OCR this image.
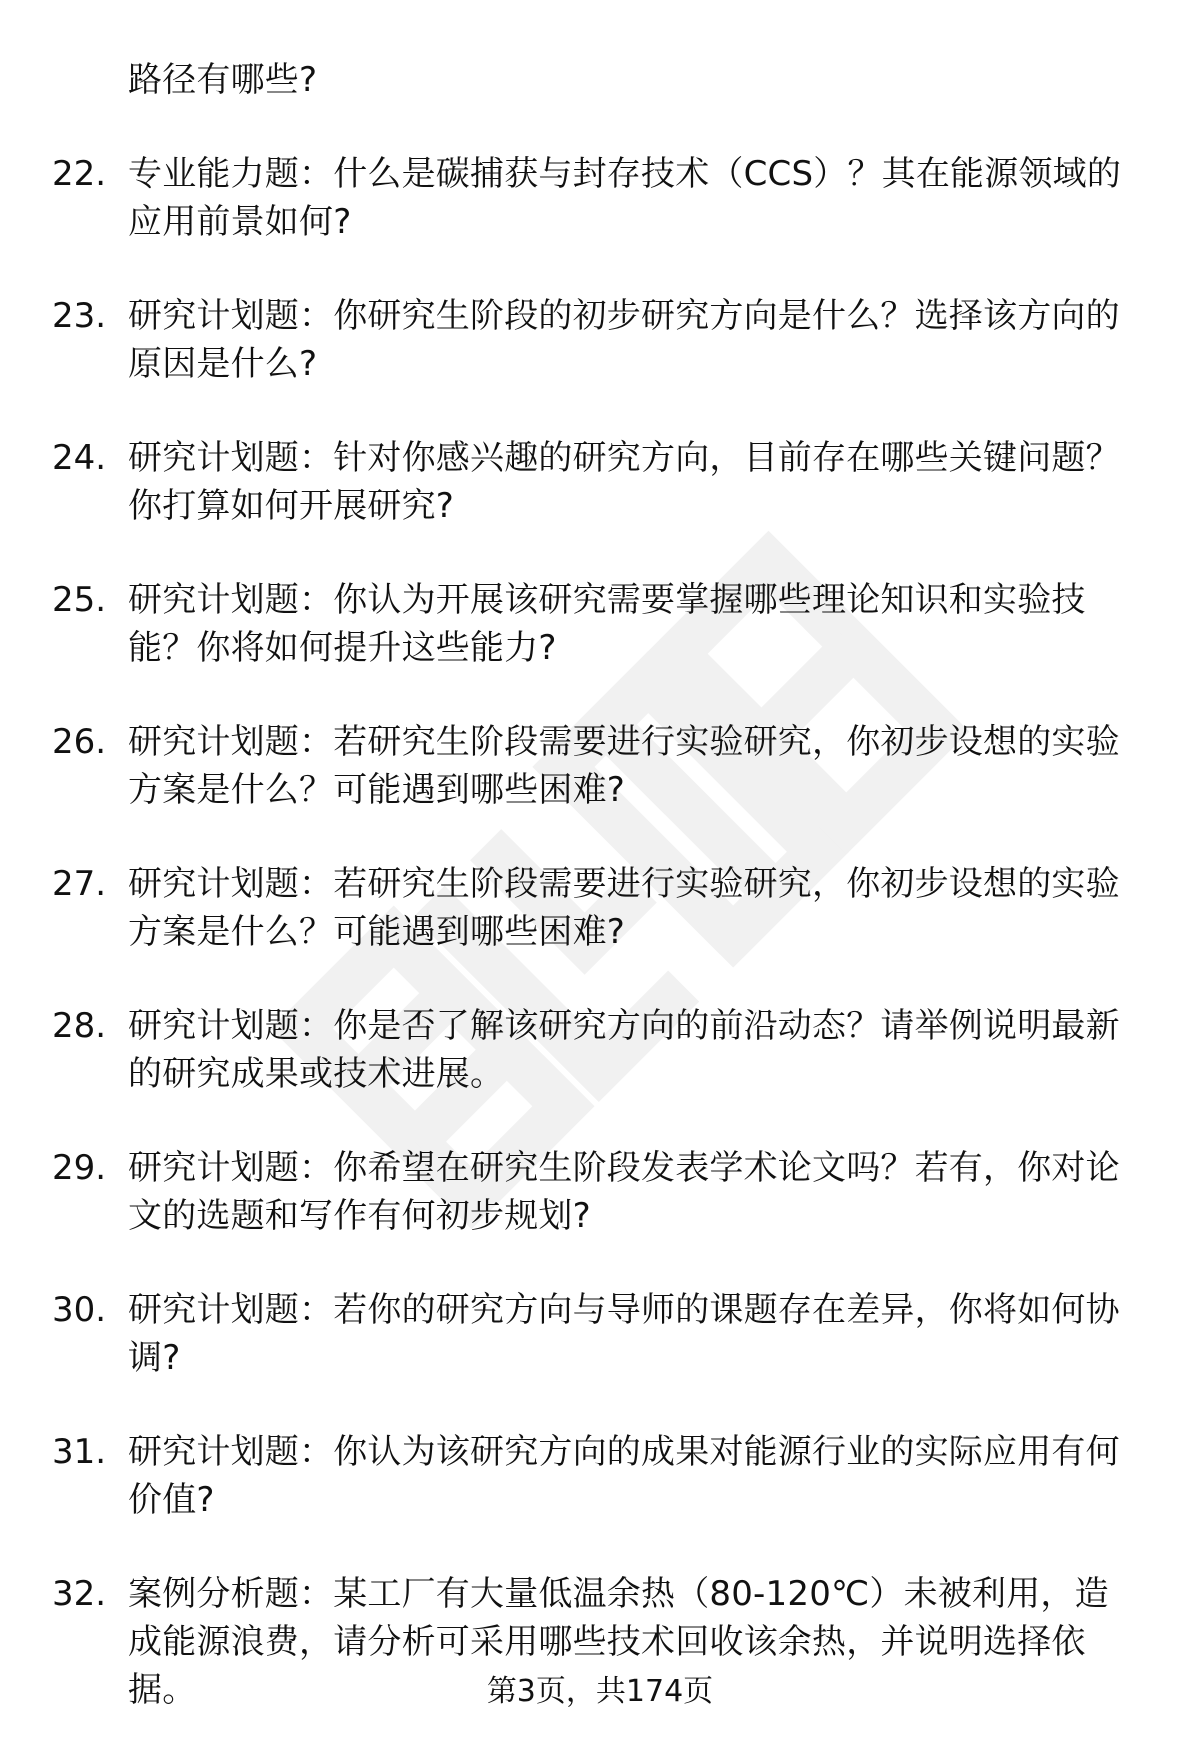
路径有哪些?
22. 专业能力题：什么是碳捕获与封存技术（CCS）？其在能源领域的应用前景如何?
23. 研究计划题：你研究生阶段的初步研究方向是什么？选择该方向的原因是什么?
24. 研究计划题：针对你感兴趣的研究方向，目前存在哪些关键问题？你打算如何开展研究?
25. 研究计划题：你认为开展该研究需要掌握哪些理论知识和实验技能？你将如何提升这些能力?
26. 研究计划题：若研究生阶段需要进行实验研究，你初步设想的实验方案是什么？可能遇到哪些困难?
27. 研究计划题：若研究生阶段需要进行实验研究，你初步设想的实验方案是什么？可能遇到哪些困难?
28. 研究计划题：你是否了解该研究方向的前沿动态？请举例说明最新的研究成果或技术进展。
29. 研究计划题：你希望在研究生阶段发表学术论文吗？若有，你对论文的选题和写作有何初步规划?
30. 研究计划题：若你的研究方向与导师的课题存在差异，你将如何协调?
31. 研究计划题：你认为该研究方向的成果对能源行业的实际应用有何价值?
32. 案例分析题：某工厂有大量低温余热（80-120℃）未被利用，造成能源浪费，请分析可采用哪些技术回收该余热，并说明选择依据。	第3页，共174页
